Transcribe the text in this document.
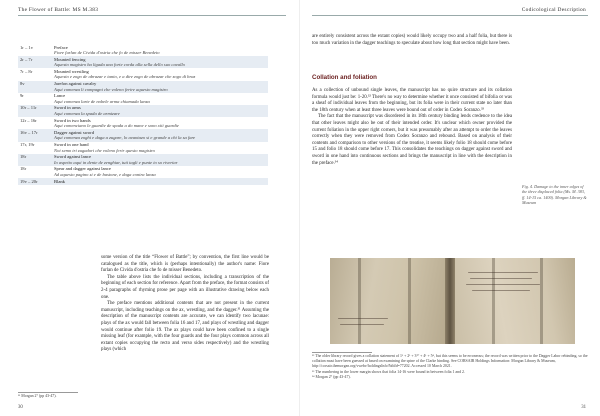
The Flower of Battle: MS M.383
1r – 1v	Preface
Fiore furlan de Civida d'ostria che fo de misser Benedeto

2r – 7r	Mounted fencing
Aquesto magistro ha ligada una forte corda alla sella dello suo cavallo

7r – 8r	Mounted wrestling
Aquesto e zogo de abrazar e tanto, e a dire zogo de abrazar che zogo di braz

8v	Jarefon against cavalry
Aqui comenza li compagni che voleno ferire aquesto magistro

9r	Lance
Aqui comenza larte de nobele arma chiamada lanza

10r – 11r	Sword in arms
Aqui comenza la spada de armizare

12r – 16r	Sword in two hands
Aqui comenciano le guardie de spada a do mane e sono xiii guardie

16v – 17r	Dagger against sword
Aqui comenza zoghi e daga a zugare, lo avantazo si e grande a chi la sa fare

17r, 19r	Sword in one hand
Noi semo tri zugadori che voleno ferir questo magistro

18r	Sword against lance
Io aspetto aqui in dente de zenghiar, tuti tagli e punte io so riveriar

18r	Spear and dagger against lance
Ad aquesto pagino si e de bastone, e daga contra lanza

19v – 20r	Blank

some version of the title “Flower of Battle”; by convention, the first line would be catalogued as the title, which is (perhaps intentionally) the author's name: Fiore furlan de Civida d'ostria che fo de misser Benedeto.

The table above lists the individual sections, including a transcription of the beginning of each section for reference. Apart from the preface, the format consists of 2-4 paragraphs of rhyming prose per page with an illustrative drawing below each one.

The preface mentions additional contents that are not present in the current manuscript, including teachings on the ax, wrestling, and the dagger.³¹ Assuming the description of the manuscript contents are accurate, we can identify two lacunae: plays of the ax would fall between folia 16 and 17, and plays of wrestling and dagger would continue after folio 19. The ax plays could have been confined to a single missing leaf (for example, with the four guards and the four plays common across all extant copies occupying the recto and verso sides respectively) and the wrestling plays (which

³¹ Morgan 2° (pp 43-47).
30
Codicological Description
are entirely consistent across the extant copies) would likely occupy two and a half folia, but there is too much variation in the dagger teachings to speculate about how long that section might have been.
Collation and foliation

As a collection of unbound single leaves, the manuscript has no quire structure and its collation formula would just be: 1-20.³² There's no way to determine whether it once consisted of bifolia or was a sheaf of individual leaves from the beginning, but its folia were in their current state no later than the 18th century when at least three leaves were bound out of order in Codex Soranzo.³³

The fact that the manuscript was disordered in its 18th century binding lends credence to the idea that other leaves might also be out of their intended order. It's unclear which owner provided the current foliation in the upper right corners, but it was presumably after an attempt to order the leaves correctly when they were removed from Codex Soranzo and rebound. Based on analysis of their contents and comparison to other versions of the treatise, it seems likely folio 18 should come before 15 and folio 18 should come before 17. This consolidates the teachings on dagger against sword and sword in one hand into continuous sections and brings the manuscript in line with the description in the preface.³⁴

Fig. 4. Damage to the inner edges of the three displaced folia (Ms. M. 383, ff. 14-15 ca. 1400). Morgan Library & Museum

³² The older library record gives a collation statement of 1¹ + 2¹ + 3¹⁰ + 4¹ + 5⁴, but this seems to be erroneous; the record was written prior to the Dagger Labor rebinding, so the collation must have been guessed at based on examining the spine of the Clarke binding. See CORSAIR Holdings Information: Morgan Library & Museum, http://corsair.themorgan.org/vwebv/holdingsInfo?bibId=77202. Accessed 10 March 2021.

³³ The numbering in the lower margin shows that folia 14-16 were bound in between folia 1 and 2.

³⁴ Morgan 2° (pp 43-47).

31
